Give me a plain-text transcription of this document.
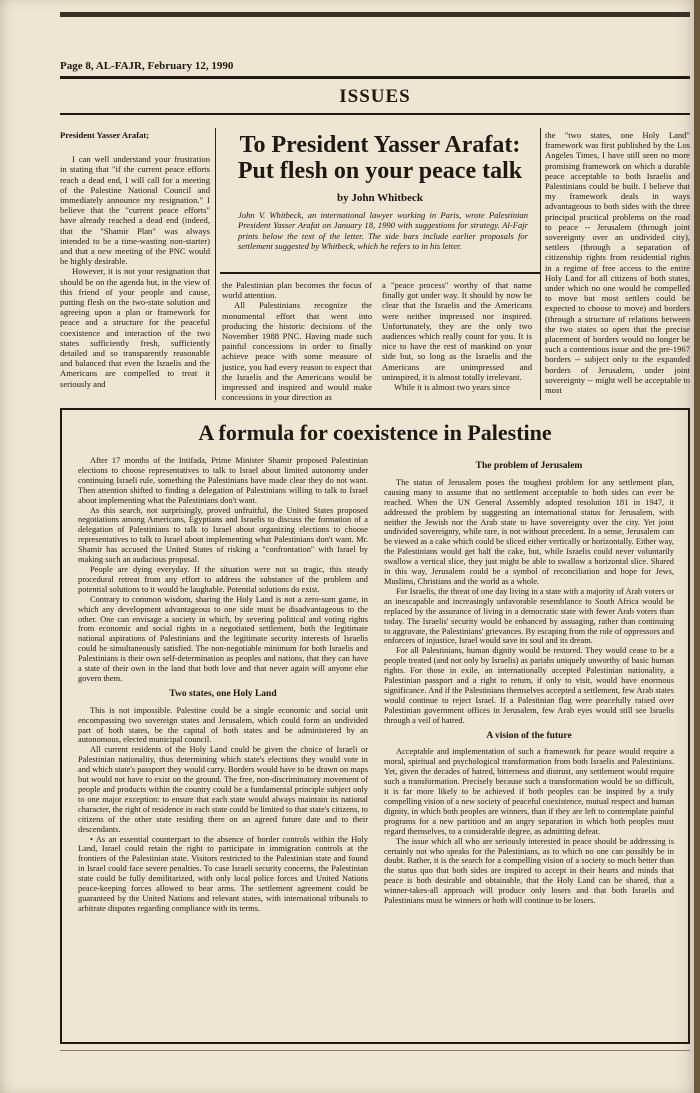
Page 8, AL-FAJR, February 12, 1990
ISSUES

President Yasser Arafat;

I can well understand your frustration in stating that "if the current peace efforts reach a dead end, I will call for a meeting of the Palestine National Council and immediately announce my resignation." I believe that the "current peace efforts" have already reached a dead end (indeed, that the "Shamir Plan" was always intended to be a time-wasting non-starter) and that a new meeting of the PNC would be highly desirable.

However, it is not your resignation that should be on the agenda but, in the view of this friend of your people and cause, putting flesh on the two-state solution and agreeing upon a plan or framework for peace and a structure for the peaceful coexistence and interaction of the two states sufficiently fresh, sufficiently detailed and so transparently reasonable and balanced that even the Israelis and the Americans are compelled to treat it seriously and

To President Yasser Arafat:
Put flesh on your peace talk
by John Whitbeck
John V. Whitbeck, an international lawyer working in Paris, wrote Palestinian President Yasser Arafat on January 18, 1990 with suggestions for strategy. Al-Fajr prints below the text of the letter. The side bars include earlier proposals for settlement suggested by Whitbeck, which he refers to in his letter.

the Palestinian plan becomes the focus of world attention.

All Palestinians recognize the monumental effort that went into producing the historic decisions of the November 1988 PNC. Having made such painful concessions in order to finally achieve peace with some measure of justice, you had every reason to expect that the Israelis and the Americans would be impressed and inspired and would make concessions in your direction as

a "peace process" worthy of that name finally got under way. It should by now be clear that the Israelis and the Americans were neither impressed nor inspired. Unfortunately, they are the only two audiences which really count for you. It is nice to have the rest of mankind on your side but, so long as the Israelis and the Americans are unimpressed and uninspired, it is almost totally irrelevant.

While it is almost two years since

the "two states, one Holy Land" framework was first published by the Los Angeles Times, I have still seen no more promising framework on which a durable peace acceptable to both Israelis and Palestinians could be built. I believe that my framework deals in ways advantageous to both sides with the three principal practical problems on the road to peace -- Jerusalem (through joint sovereignty over an undivided city), settlers (through a separation of citizenship rights from residential rights in a regime of free access to the entire Holy Land for all citizens of both states, under which no one would be compelled to move but most settlers could be expected to choose to move) and borders (through a structure of relations between the two states so open that the precise placement of borders would no longer be such a contentious issue and the pre-1967 borders -- subject only to the expanded borders of Jerusalem, under joint sovereignty -- might well be acceptable to most

A formula for coexistence in Palestine

After 17 months of the Intifada, Prime Minister Shamir proposed Palestinian elections to choose representatives to talk to Israel about limited autonomy under continuing Israeli rule, something the Palestinians have made clear they do not want. Then attention shifted to finding a delegation of Palestinians willing to talk to Israel about implementing what the Palestinians don't want.

As this search, not surprisingly, proved unfruitful, the United States proposed negotiations among Americans, Egyptians and Israelis to discuss the formation of a delegation of Palestinians to talk to Israel about organizing elections to choose representatives to talk to Israel about implementing what Palestinians don't want. Mr. Shamir has accused the United States of risking a "confrontation" with Israel by making such an audacious proposal.

People are dying everyday. If the situation were not so tragic, this steady procedural retreat from any effort to address the substance of the problem and potential solutions to it would be laughable. Potential solutions do exist.

Contrary to common wisdom, sharing the Holy Land is not a zero-sum game, in which any development advantageous to one side must be disadvantageous to the other. One can envisage a society in which, by severing political and voting rights from economic and social rights in a negotiated settlement, both the legitimate national aspirations of Palestinians and the legitimate security interests of Israelis could be simultaneously satisfied. The non-negotiable minimum for both Israelis and Palestinians is their own self-determination as peoples and nations, that they can have a state of their own in the land that both love and that never again will anyone else govern them.

Two states, one Holy Land

This is not impossible. Palestine could be a single economic and social unit encompassing two sovereign states and Jerusalem, which could form an undivided part of both states, be the capital of both states and be administered by an autonomous, elected municipal council.

All current residents of the Holy Land could be given the choice of Israeli or Palestinian nationality, thus determining which state's elections they would vote in and which state's passport they would carry. Borders would have to be drawn on maps but would not have to exist on the ground. The free, non-discriminatory movement of people and products within the country could be a fundamental principle subject only to one major exception: to ensure that each state would always maintain its national character, the right of residence in each state could be limited to that state's citizens, to citizens of the other state residing there on an agreed future date and to their descendants.

• As an essential counterpart to the absence of border controls within the Holy Land, Israel could retain the right to participate in immigration controls at the frontiers of the Palestinian state. Visitors restricted to the Palestinian state and found in Israel could face severe penalties. To case Israeli security concerns, the Palestinian state could be fully demilitarized, with only local police forces and United Nations peace-keeping forces allowed to bear arms. The settlement agreement could be guaranteed by the United Nations and relevant states, with international tribunals to arbitrate disputes regarding compliance with its terms.

The problem of Jerusalem

The status of Jerusalem poses the toughest problem for any settlement plan, causing many to assume that no settlement acceptable to both sides can ever be reached. When the UN General Assembly adopted resolution 181 in 1947, it addressed the problem by suggesting an international status for Jerusalem, with neither the Jewish nor the Arab state to have sovereignty over the city. Yet joint undivided sovereignty, while rare, is not without precedent. In a sense, Jerusalem can be viewed as a cake which could be sliced either vertically or horizontally. Either way, the Palestinians would get half the cake, but, while Israelis could never voluntarily swallow a vertical slice, they just might be able to swallow a horizontal slice. Shared in this way, Jerusalem could be a symbol of reconciliation and hope for Jews, Muslims, Christians and the world as a whole.

For Israelis, the threat of one day living in a state with a majority of Arab voters or an inescapable and increasingly unfavorable resemblance to South Africa would be replaced by the assurance of living in a democratic state with fewer Arab voters than today. The Israelis' security would be enhanced by assuaging, rather than continuing to aggravate, the Palestinians' grievances. By escaping from the role of oppressors and enforcers of injustice, Israel would save its soul and its dream.

For all Palestinians, human dignity would be restored. They would cease to be a people treated (and not only by Israelis) as pariahs uniquely unworthy of basic human rights. For those in exile, an internationally accepted Palestinian nationality, a Palestinian passport and a right to return, if only to visit, would have enormous significance. And if the Palestinians themselves accepted a settlement, few Arab states would continue to reject Israel. If a Palestinian flag were peacefully raised over Palestinian government offices in Jerusalem, few Arab eyes would still see Israelis through a veil of hatred.

A vision of the future

Acceptable and implementation of such a framework for peace would require a moral, spiritual and psychological transformation from both Israelis and Palestinians. Yet, given the decades of hatred, bitterness and distrust, any settlement would require such a transformation. Precisely because such a transformation would be so difficult, it is far more likely to be achieved if both peoples can be inspired by a truly compelling vision of a new society of peaceful coexistence, mutual respect and human dignity, in which both peoples are winners, than if they are left to contemplate painful programs for a new partition and an angry separation in which both peoples must regard themselves, to a considerable degree, as admitting defeat.

The issue which all who are seriously interested in peace should be addressing is certainly not who speaks for the Palestinians, as to which no one can possibly be in doubt. Rather, it is the search for a compelling vision of a society so much better than the status quo that both sides are inspired to accept in their hearts and minds that peace is both desirable and obtainable, that the Holy Land can be shared, that a winner-takes-all approach will produce only losers and that both Israelis and Palestinians must be winners or both will continue to be losers.
